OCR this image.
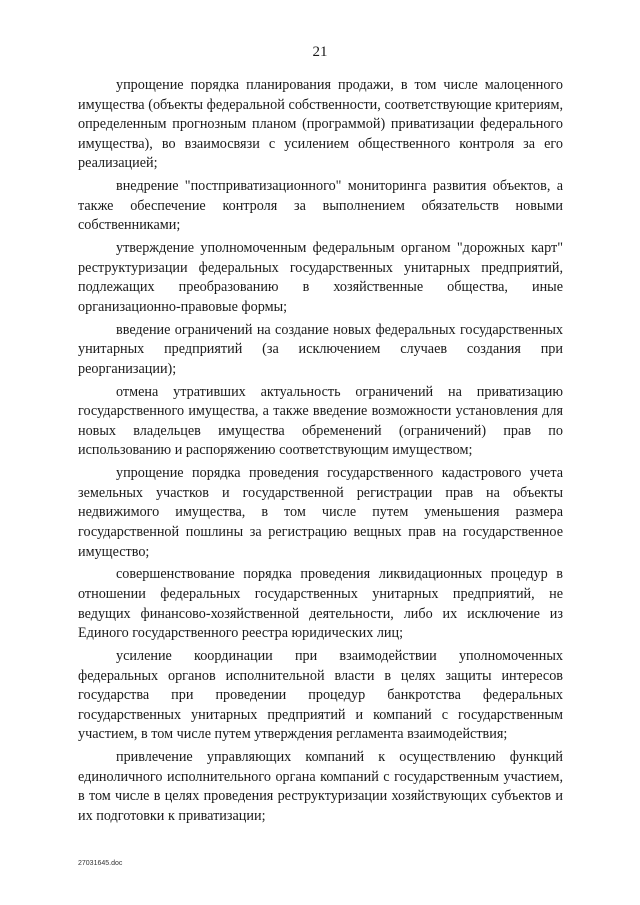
21

упрощение порядка планирования продажи, в том числе малоценного имущества (объекты федеральной собственности, соответствующие критериям, определенным прогнозным планом (программой) приватизации федерального имущества), во взаимосвязи с усилением общественного контроля за его реализацией;

внедрение "постприватизационного" мониторинга развития объектов, а также обеспечение контроля за выполнением обязательств новыми собственниками;

утверждение уполномоченным федеральным органом "дорожных карт" реструктуризации федеральных государственных унитарных предприятий, подлежащих преобразованию в хозяйственные общества, иные организационно-правовые формы;

введение ограничений на создание новых федеральных государственных унитарных предприятий (за исключением случаев создания при реорганизации);

отмена утративших актуальность ограничений на приватизацию государственного имущества, а также введение возможности установления для новых владельцев имущества обременений (ограничений) прав по использованию и распоряжению соответствующим имуществом;

упрощение порядка проведения государственного кадастрового учета земельных участков и государственной регистрации прав на объекты недвижимого имущества, в том числе путем уменьшения размера государственной пошлины за регистрацию вещных прав на государственное имущество;

совершенствование порядка проведения ликвидационных процедур в отношении федеральных государственных унитарных предприятий, не ведущих финансово-хозяйственной деятельности, либо их исключение из Единого государственного реестра юридических лиц;

усиление координации при взаимодействии уполномоченных федеральных органов исполнительной власти в целях защиты интересов государства при проведении процедур банкротства федеральных государственных унитарных предприятий и компаний с государственным участием, в том числе путем утверждения регламента взаимодействия;

привлечение управляющих компаний к осуществлению функций единоличного исполнительного органа компаний с государственным участием, в том числе в целях проведения реструктуризации хозяйствующих субъектов и их подготовки к приватизации;

27031645.doc
